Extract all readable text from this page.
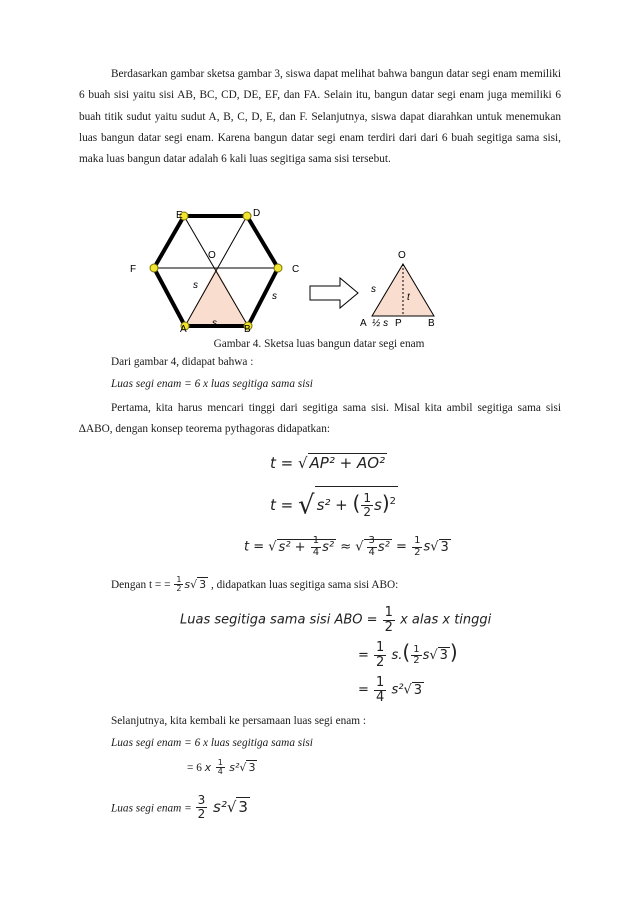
Berdasarkan gambar sketsa gambar 3, siswa dapat melihat bahwa bangun datar segi enam memiliki 6 buah sisi yaitu sisi AB, BC, CD, DE, EF, dan FA. Selain itu, bangun datar segi enam juga memiliki 6 buah titik sudut yaitu sudut A, B, C, D, E, dan F. Selanjutnya, siswa dapat diarahkan untuk menemukan luas bangun datar segi enam. Karena bangun datar segi enam terdiri dari dari 6 buah segitiga sama sisi, maka luas bangun datar adalah 6 kali luas segitiga sama sisi tersebut.

E	D
O
F	C
A	B
s
s
s
O
s
t
A ½ s P	B
Gambar 4. Sketsa luas bangun datar segi enam
Dari gambar 4, didapat bahwa :
Luas segi enam = 6 x luas segitiga sama sisi

Pertama, kita harus mencari tinggi dari segitiga sama sisi. Misal kita ambil segitiga sama sisi ∆ABO, dengan konsep teorema pythagoras didapatkan:

t = √ AP² + AO²
t = √ s² + ( $\frac{1}{2} s)^2$
t = √ $s^2 + \frac{1}{4} s^2$ ≈ √ $\frac{3}{4} s^2 = \frac{1}{2} s√$ 3
Dengan t = = $\frac{1}{2} s√$ 3 , didapatkan luas segitiga sama sisi ABO:
Luas segitiga sama sisi ABO = $\frac{1}{2}$ x alas x tinggi
= $\frac{1}{2} s.( \frac{1}{2} s√$ 3 )
= $\frac{1}{4} s^2√$ 3
Selanjutnya, kita kembali ke persamaan luas segi enam :
Luas segi enam = 6 x luas segitiga sama sisi
= 6 x $\frac{1}{4} s^2√$ 3
Luas segi enam = $\frac{3}{2} s^2√$ 3
